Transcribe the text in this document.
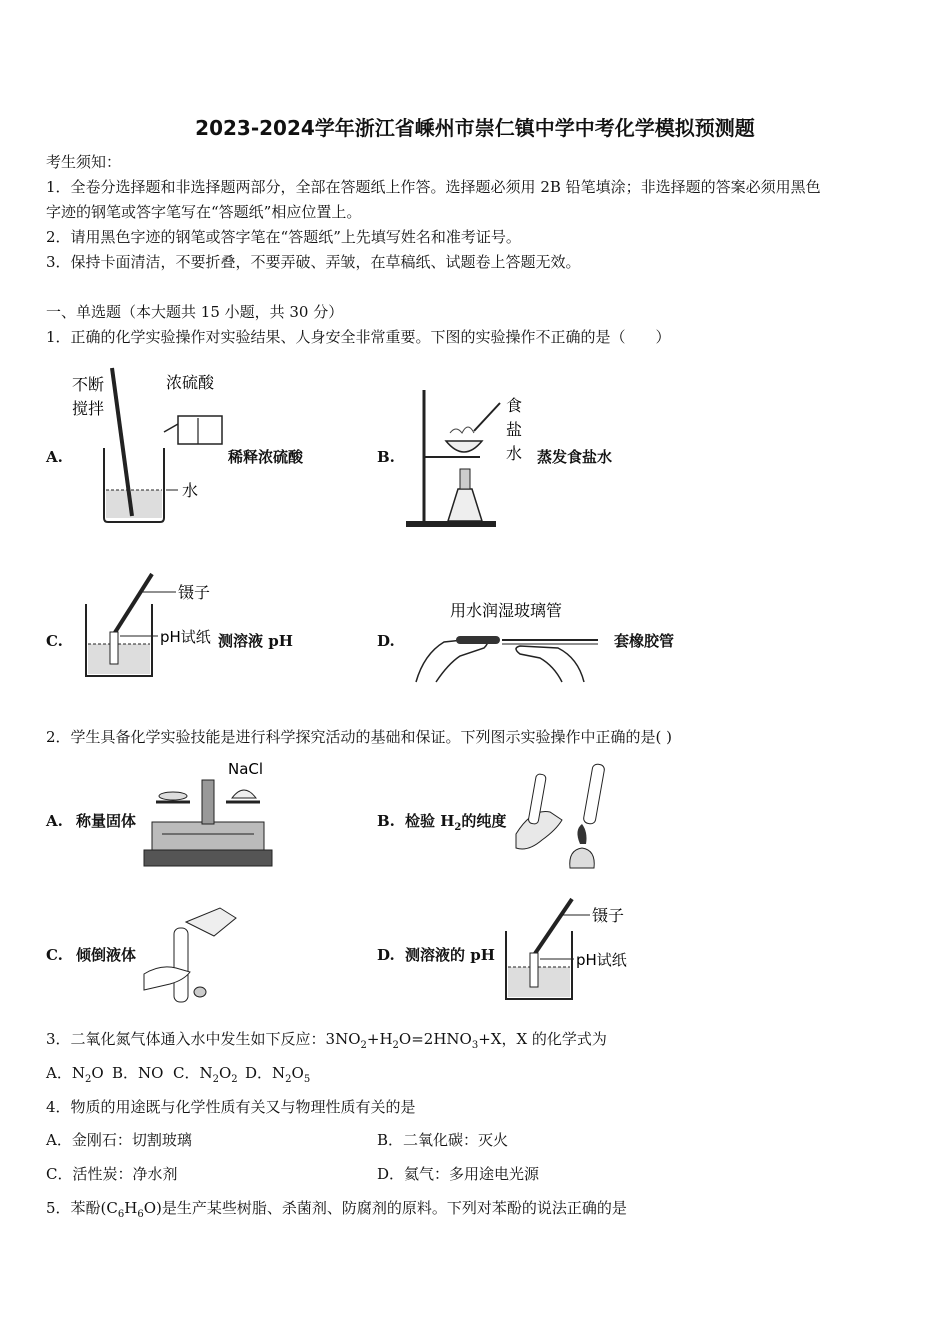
2023-2024学年浙江省嵊州市崇仁镇中学中考化学模拟预测题
考生须知：
1．全卷分选择题和非选择题两部分，全部在答题纸上作答。选择题必须用 2B 铅笔填涂；非选择题的答案必须用黑色
字迹的钢笔或答字笔写在“答题纸”相应位置上。
2．请用黑色字迹的钢笔或答字笔在“答题纸”上先填写姓名和准考证号。
3．保持卡面清洁，不要折叠，不要弄破、弄皱，在草稿纸、试题卷上答题无效。
一、单选题（本大题共 15 小题，共 30 分）
1．正确的化学实验操作对实验结果、人身安全非常重要。下图的实验操作不正确的是（　　）
A.
不断
搅拌
浓硫酸
水
稀释浓硫酸	B.
食
盐
水 蒸发食盐水
C.
镊子
pH试纸 测溶液 pH	D.
用水润湿玻璃管
套橡胶管
2．学生具备化学实验技能是进行科学探究活动的基础和保证。下列图示实验操作中正确的是( )
A. 称量固体
NaCl
B. 检验 $H_2$的纯度
C. 倾倒液体	D. 测溶液的 pH
镊子
pH试纸
3．二氧化氮气体通入水中发生如下反应：$3NO_2+H_2O=2HNO_3+X$，X 的化学式为
A．$N_2O$ B．NO C．$N_2O_2$ D．$N_2O_5$
4．物质的用途既与化学性质有关又与物理性质有关的是
A．金刚石：切割玻璃	B．二氧化碳：灭火
C．活性炭：净水剂	D．氦气：多用途电光源
5．苯酚$(C_6H_6O)$是生产某些树脂、杀菌剂、防腐剂的原料。下列对苯酚的说法正确的是
